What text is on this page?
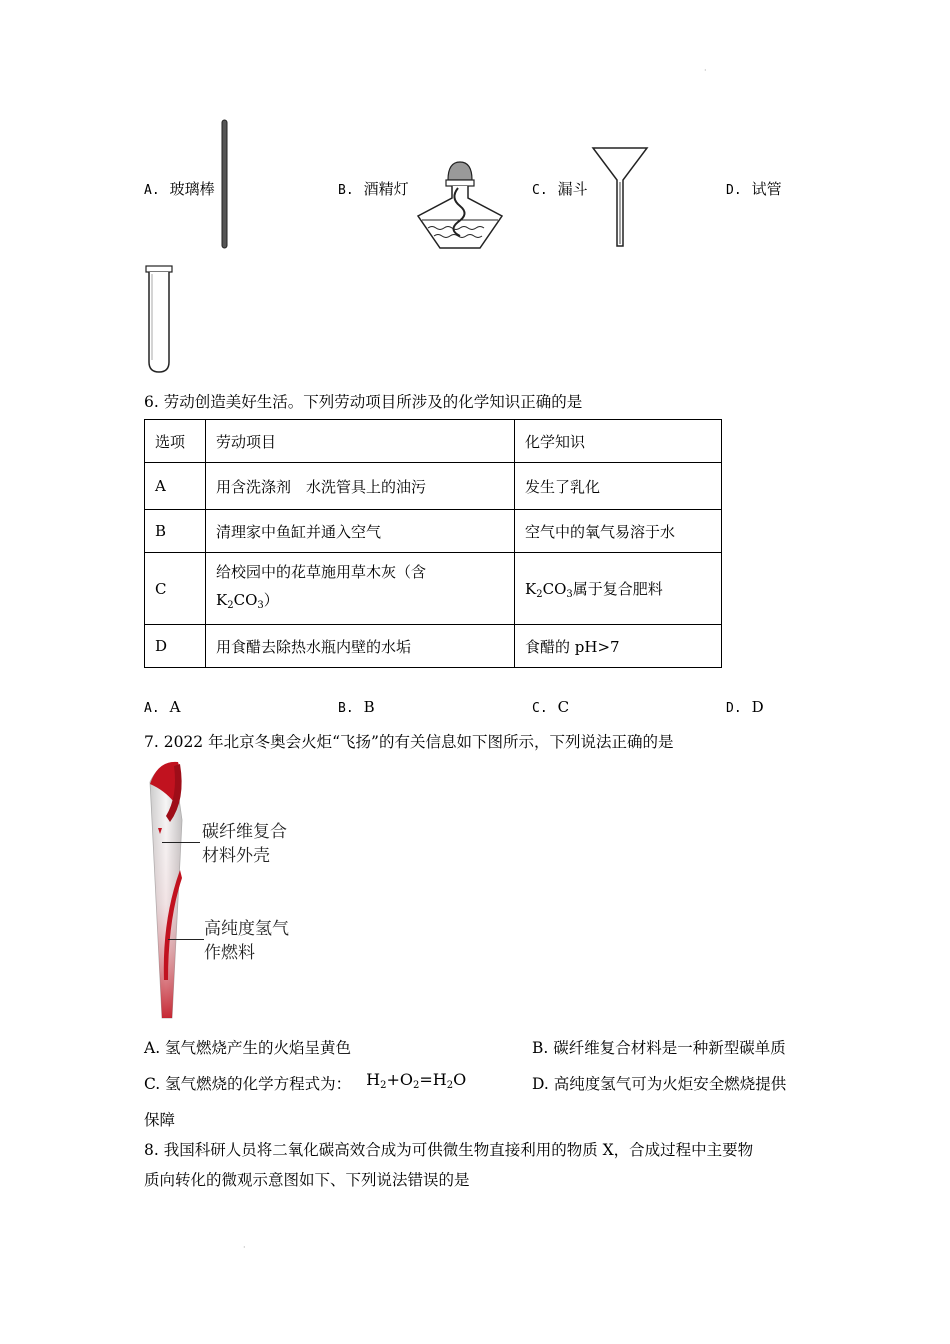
·
·
A. 玻璃棒	B. 酒精灯	C. 漏斗	D. 试管
6. 劳动创造美好生活。下列劳动项目所涉及的化学知识正确的是
选项	劳动项目	化学知识
A	用含洗涤剂　水洗管具上的油污	发生了乳化
B	清理家中鱼缸并通入空气	空气中的氧气易溶于水
C	给校园中的花草施用草木灰（含
$K_2CO_3$）	$K_2CO_3$属于复合肥料
D	用食醋去除热水瓶内壁的水垢	食醋的 pH>7
A. A	B. B	C. C	D. D
7. 2022 年北京冬奥会火炬“飞扬”的有关信息如下图所示，下列说法正确的是
碳纤维复合
材料外壳
高纯度氢气
作燃料
A. 氢气燃烧产生的火焰呈黄色	B. 碳纤维复合材料是一种新型碳单质
C. 氢气燃烧的化学方程式为： $H_2+O_2=H_2O$	D. 高纯度氢气可为火炬安全燃烧提供
保障
8. 我国科研人员将二氧化碳高效合成为可供微生物直接利用的物质 X，合成过程中主要物
质向转化的微观示意图如下、下列说法错误的是
